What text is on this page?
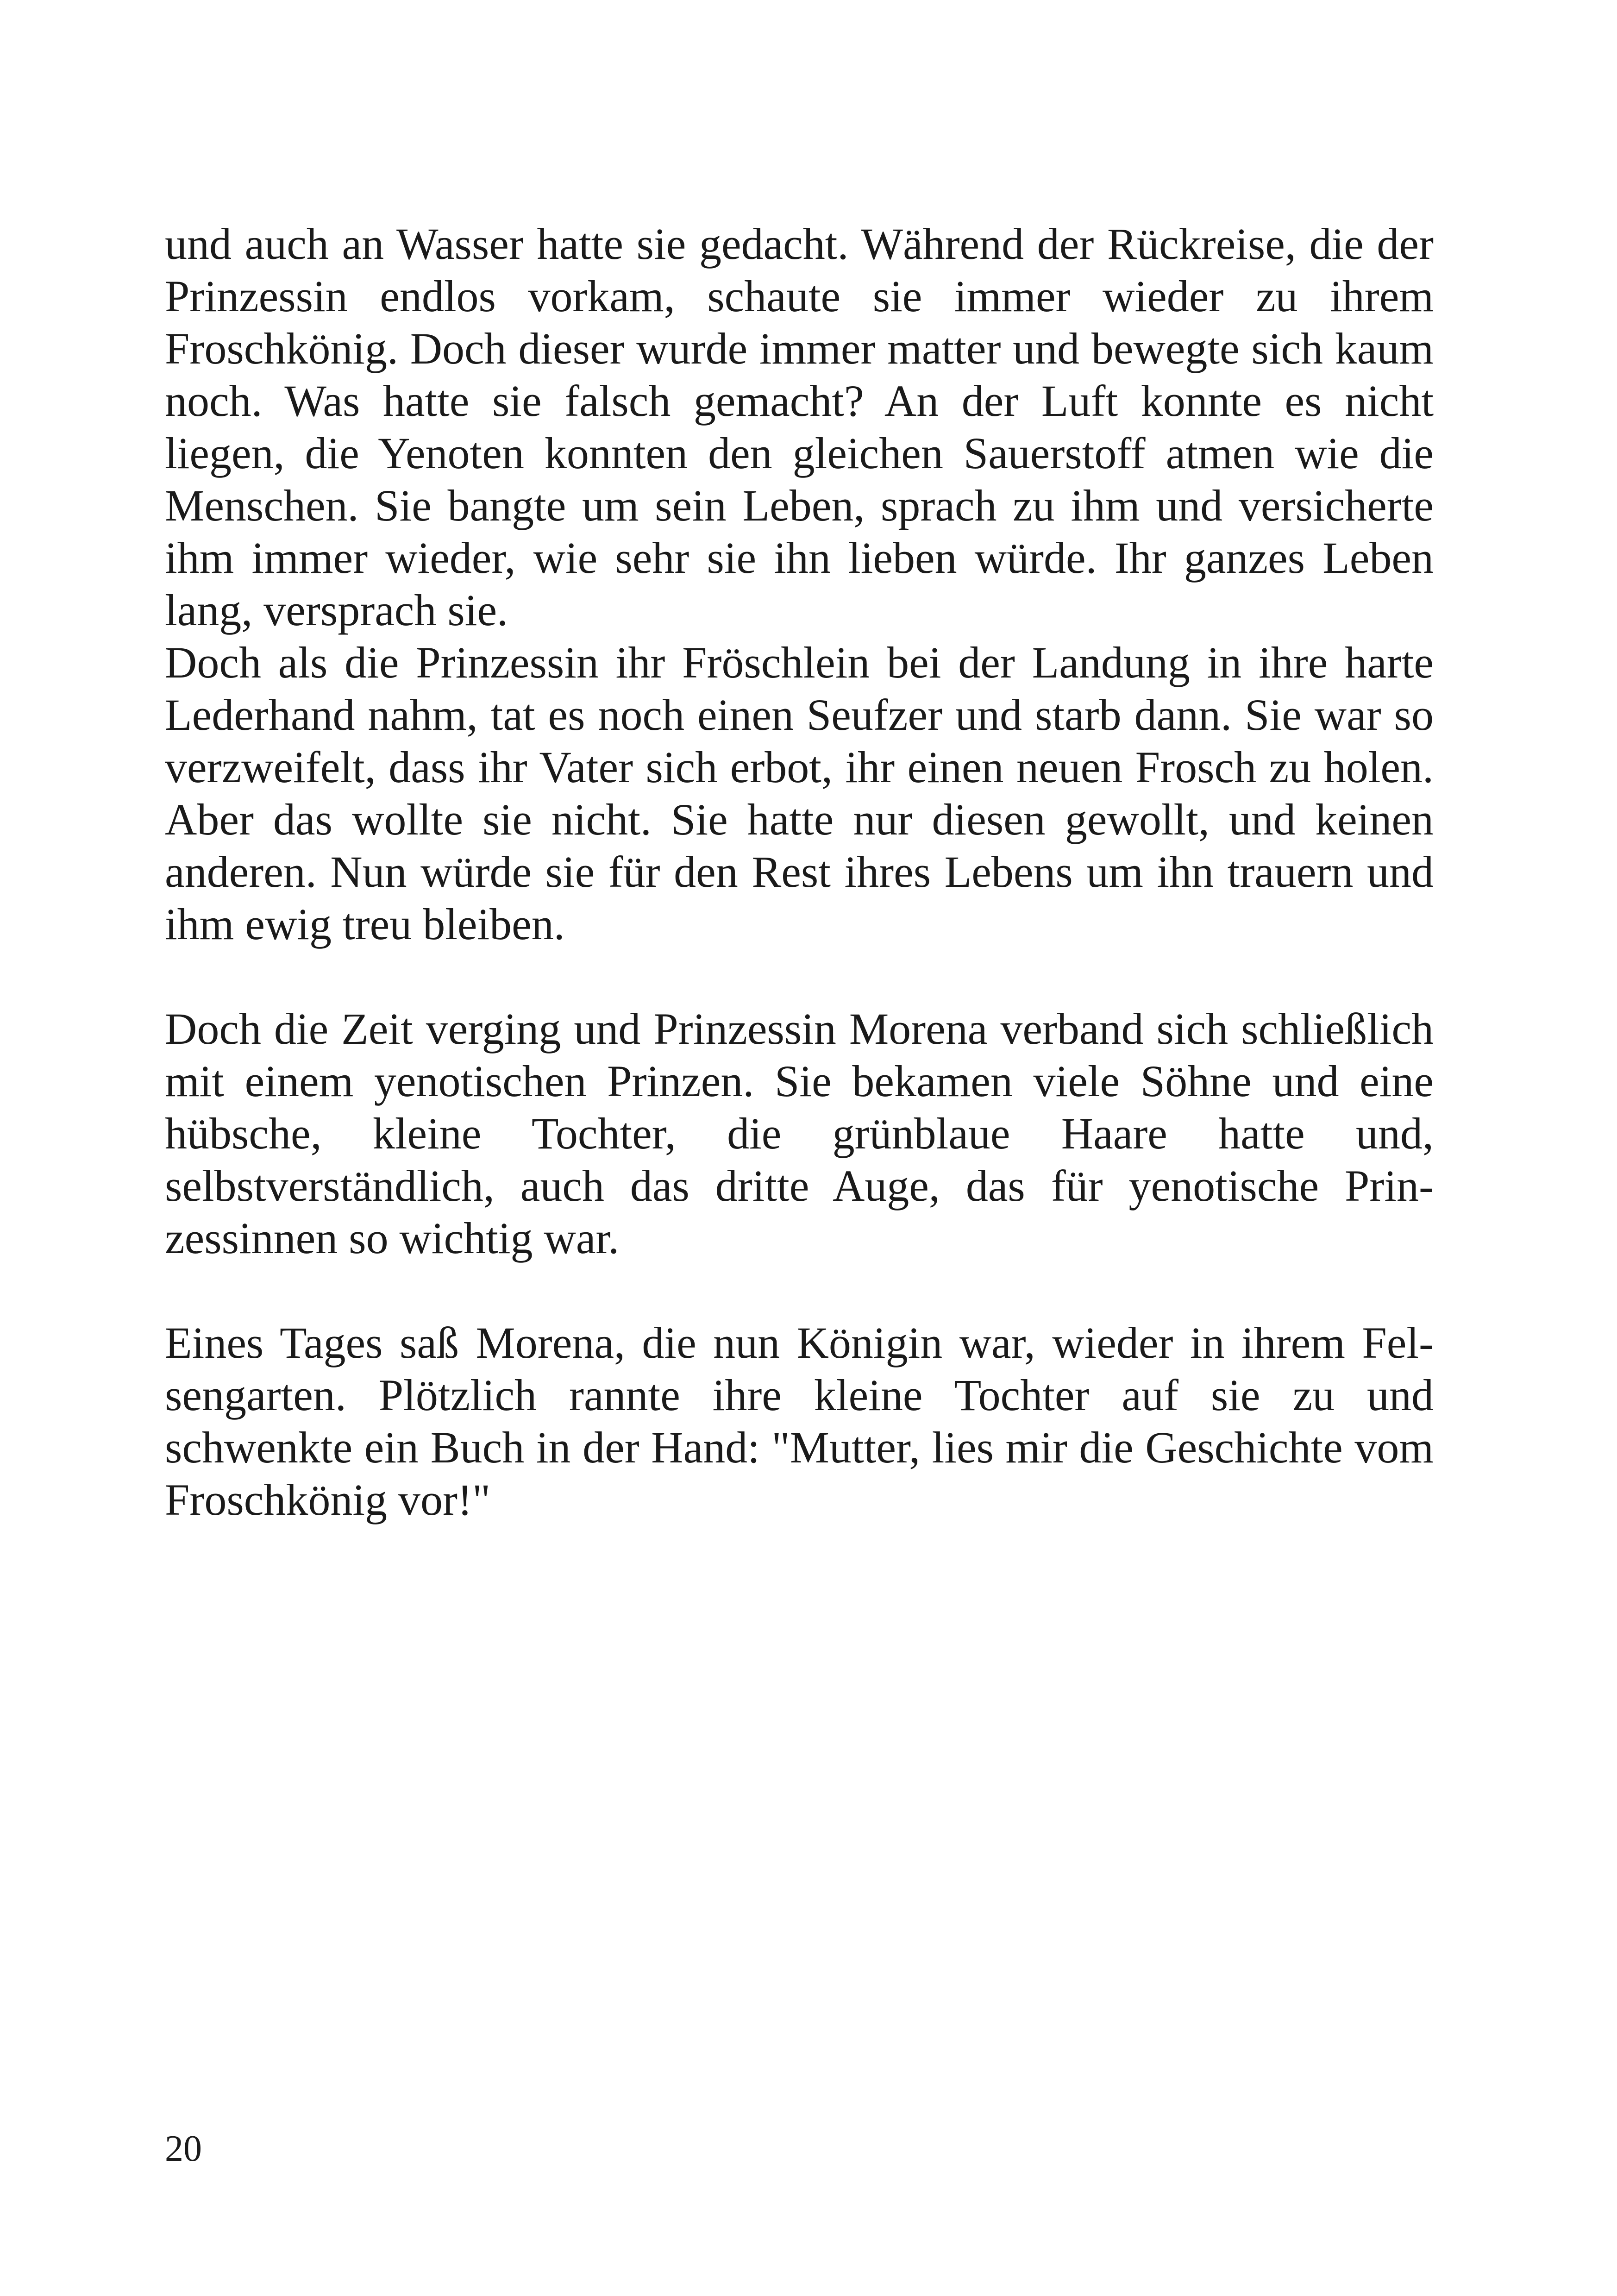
und auch an Wasser hatte sie gedacht. Während der Rückreise, die der Prinzessin endlos vorkam, schaute sie immer wieder zu ihrem Froschkönig. Doch dieser wurde immer matter und bewegte sich kaum noch. Was hatte sie falsch gemacht? An der Luft konnte es nicht liegen, die Yenoten konnten den gleichen Sauerstoff atmen wie die Menschen. Sie bangte um sein Leben, sprach zu ihm und versicherte ihm immer wieder, wie sehr sie ihn lieben würde. Ihr ganzes Leben lang, versprach sie.

Doch als die Prinzessin ihr Fröschlein bei der Landung in ihre harte Lederhand nahm, tat es noch einen Seufzer und starb dann. Sie war so verzweifelt, dass ihr Vater sich erbot, ihr einen neuen Frosch zu holen. Aber das wollte sie nicht. Sie hatte nur diesen gewollt, und keinen anderen. Nun würde sie für den Rest ihres Lebens um ihn trauern und ihm ewig treu bleiben.

Doch die Zeit verging und Prinzessin Morena verband sich schließlich mit einem yenotischen Prinzen. Sie bekamen viele Söhne und eine hübsche, kleine Tochter, die grünblaue Haare hatte und, selbstverständlich, auch das dritte Auge, das für yenotische Prinzessinnen so wichtig war.

Eines Tages saß Morena, die nun Königin war, wieder in ihrem Felsengarten. Plötzlich rannte ihre kleine Tochter auf sie zu und schwenkte ein Buch in der Hand: "Mutter, lies mir die Geschichte vom Froschkönig vor!"

20
